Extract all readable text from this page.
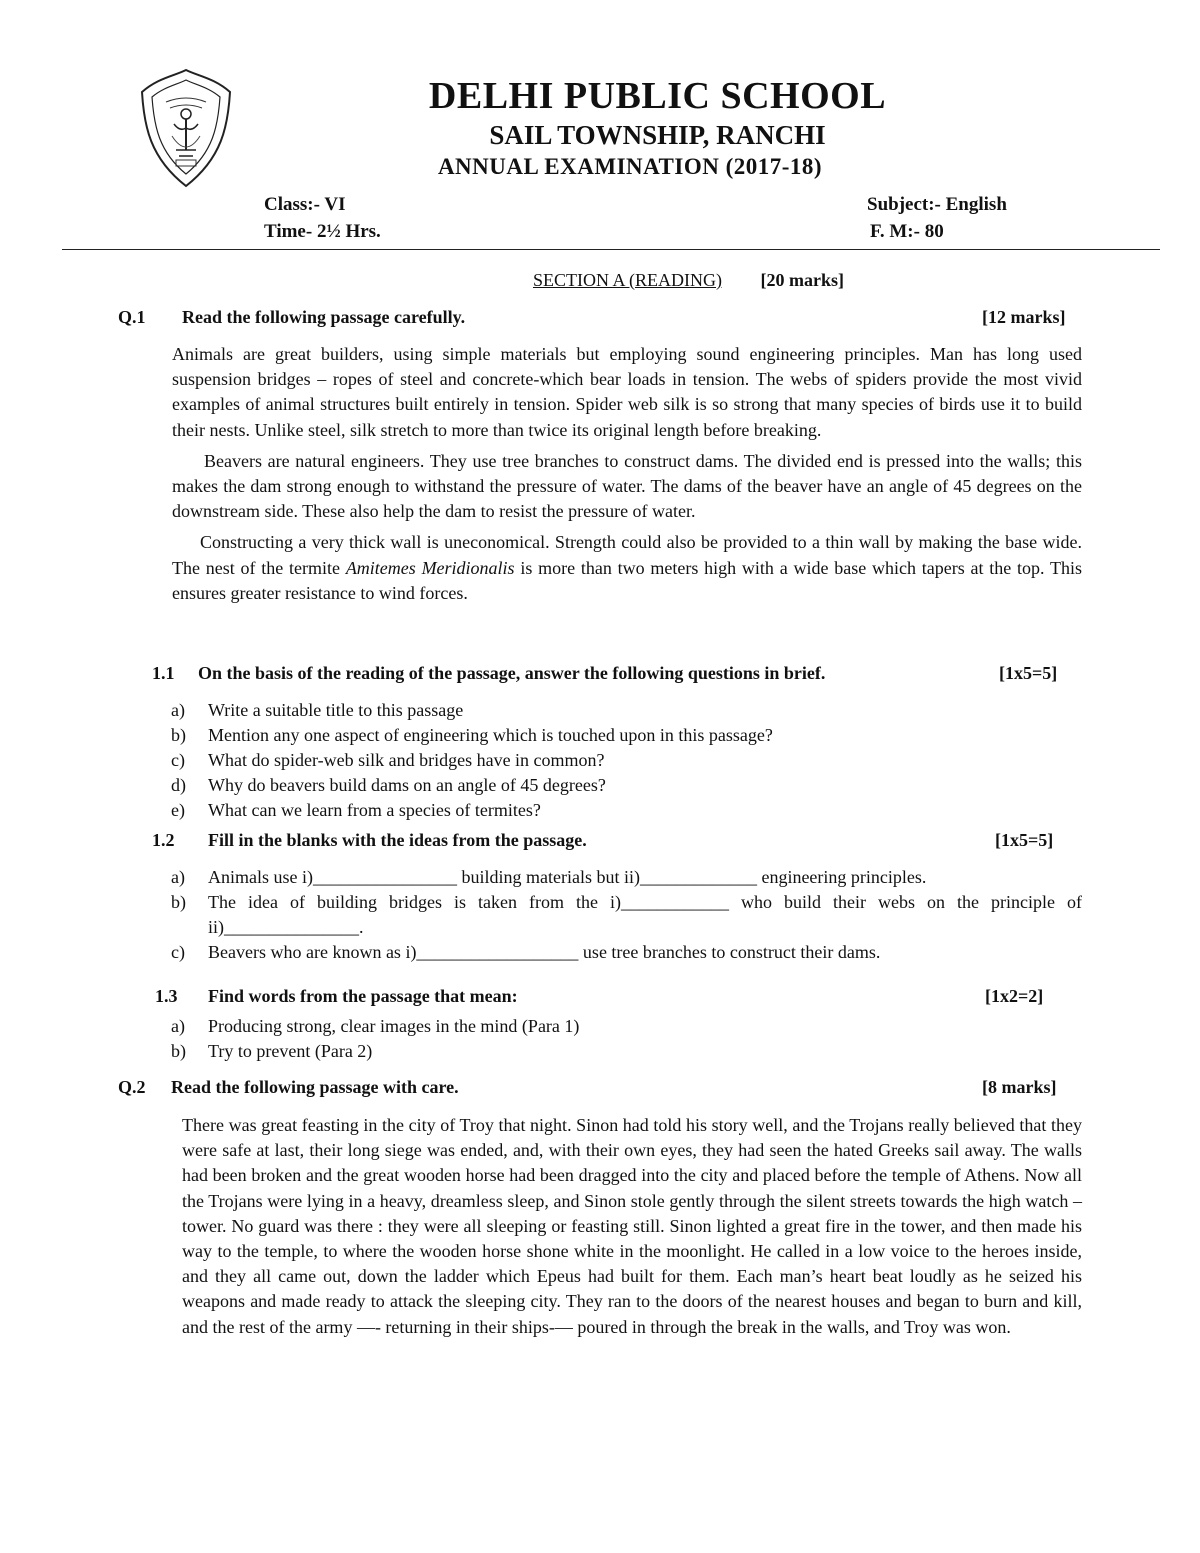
DELHI PUBLIC SCHOOL
SAIL TOWNSHIP, RANCHI
ANNUAL EXAMINATION (2017-18)
Class:- VI
Time- 2½ Hrs.
Subject:- English
F. M:- 80
SECTION A (READING) [20 marks]
Q.1 Read the following passage carefully.	[12 marks]

Animals are great builders, using simple materials but employing sound engineering principles. Man has long used suspension bridges – ropes of steel and concrete-which bear loads in tension. The webs of spiders provide the most vivid examples of animal structures built entirely in tension. Spider web silk is so strong that many species of birds use it to build their nests. Unlike steel, silk stretch to more than twice its original length before breaking.

Beavers are natural engineers. They use tree branches to construct dams. The divided end is pressed into the walls; this makes the dam strong enough to withstand the pressure of water. The dams of the beaver have an angle of 45 degrees on the downstream side. These also help the dam to resist the pressure of water.

Constructing a very thick wall is uneconomical. Strength could also be provided to a thin wall by making the base wide. The nest of the termite Amitemes Meridionalis is more than two meters high with a wide base which tapers at the top. This ensures greater resistance to wind forces.

1.1 On the basis of the reading of the passage, answer the following questions in brief.	[1x5=5]
a) Write a suitable title to this passage
b) Mention any one aspect of engineering which is touched upon in this passage?
c) What do spider-web silk and bridges have in common?
d) Why do beavers build dams on an angle of 45 degrees?
e) What can we learn from a species of termites?
1.2 Fill in the blanks with the ideas from the passage.	[1x5=5]
a) Animals use i)________________ building materials but ii)_____________ engineering principles.
b) The idea of building bridges is taken from the i)____________ who build their webs on the principle of ii)_______________.
c) Beavers who are known as i)__________________ use tree branches to construct their dams.
1.3 Find words from the passage that mean:	[1x2=2]
a) Producing strong, clear images in the mind (Para 1)
b) Try to prevent (Para 2)
Q.2 Read the following passage with care.	[8 marks]

There was great feasting in the city of Troy that night. Sinon had told his story well, and the Trojans really believed that they were safe at last, their long siege was ended, and, with their own eyes, they had seen the hated Greeks sail away. The walls had been broken and the great wooden horse had been dragged into the city and placed before the temple of Athens. Now all the Trojans were lying in a heavy, dreamless sleep, and Sinon stole gently through the silent streets towards the high watch – tower. No guard was there : they were all sleeping or feasting still. Sinon lighted a great fire in the tower, and then made his way to the temple, to where the wooden horse shone white in the moonlight. He called in a low voice to the heroes inside, and they all came out, down the ladder which Epeus had built for them. Each man’s heart beat loudly as he seized his weapons and made ready to attack the sleeping city. They ran to the doors of the nearest houses and began to burn and kill, and the rest of the army —- returning in their ships-— poured in through the break in the walls, and Troy was won.
